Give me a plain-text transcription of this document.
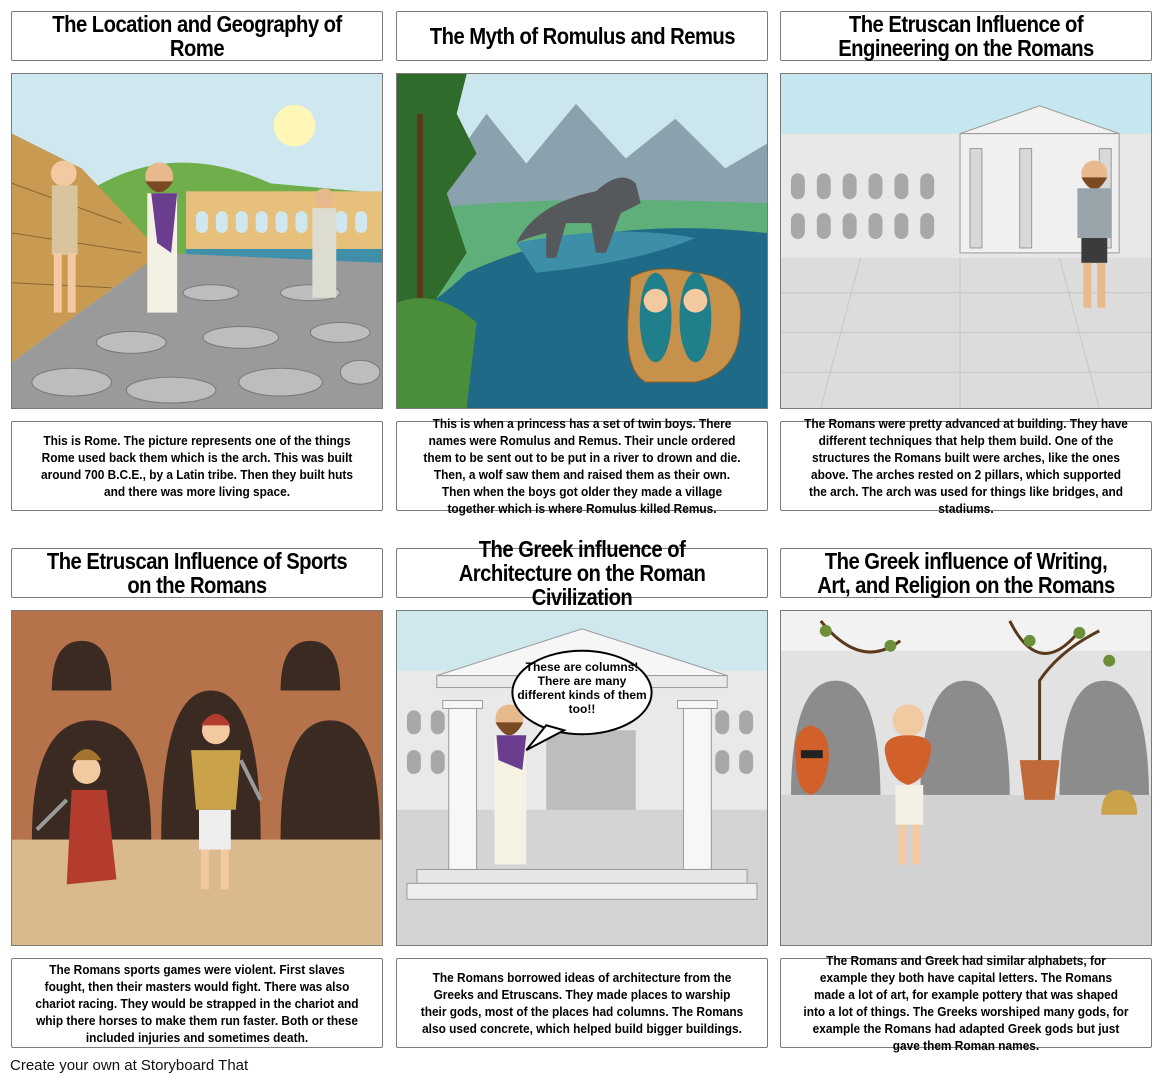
The Location and Geography of Rome
This is Rome. The picture represents one of the things Rome used back them which is the arch. This was built around 700 B.C.E., by a Latin tribe. Then they built huts and there was more living space.
The Myth of Romulus and Remus
This is when a princess has a set of twin boys. There names were Romulus and Remus. Their uncle ordered them to be sent out to be put in a river to drown and die. Then, a wolf saw them and raised them as their own. Then when the boys got older they made a village together which is where Romulus killed Remus.
The Etruscan Influence of Engineering on the Romans
The Romans were pretty advanced at building. They have different techniques that help them build. One of the structures the Romans built were arches, like the ones above. The arches rested on 2 pillars, which supported the arch. The arch was used for things like bridges, and stadiums.
The Etruscan Influence of Sports on the Romans
The Romans sports games were violent. First slaves fought, then their masters would fight. There was also chariot racing. They would be strapped in the chariot and whip there horses to make them run faster. Both or these included injuries and sometimes death.
The Greek influence of Architecture on the Roman Civilization
The Romans borrowed ideas of architecture from the Greeks and Etruscans. They made places to warship their gods, most of the places had columns. The Romans also used concrete, which helped build bigger buildings.
These are columns! There are many different kinds of them too!!
The Greek influence of Writing, Art, and Religion on the Romans
The Romans and Greek had similar alphabets, for example they both have capital letters. The Romans made a lot of art, for example pottery that was shaped into a lot of things. The Greeks worshiped many gods, for example the Romans had adapted Greek gods but just gave them Roman names.
Create your own at Storyboard That
